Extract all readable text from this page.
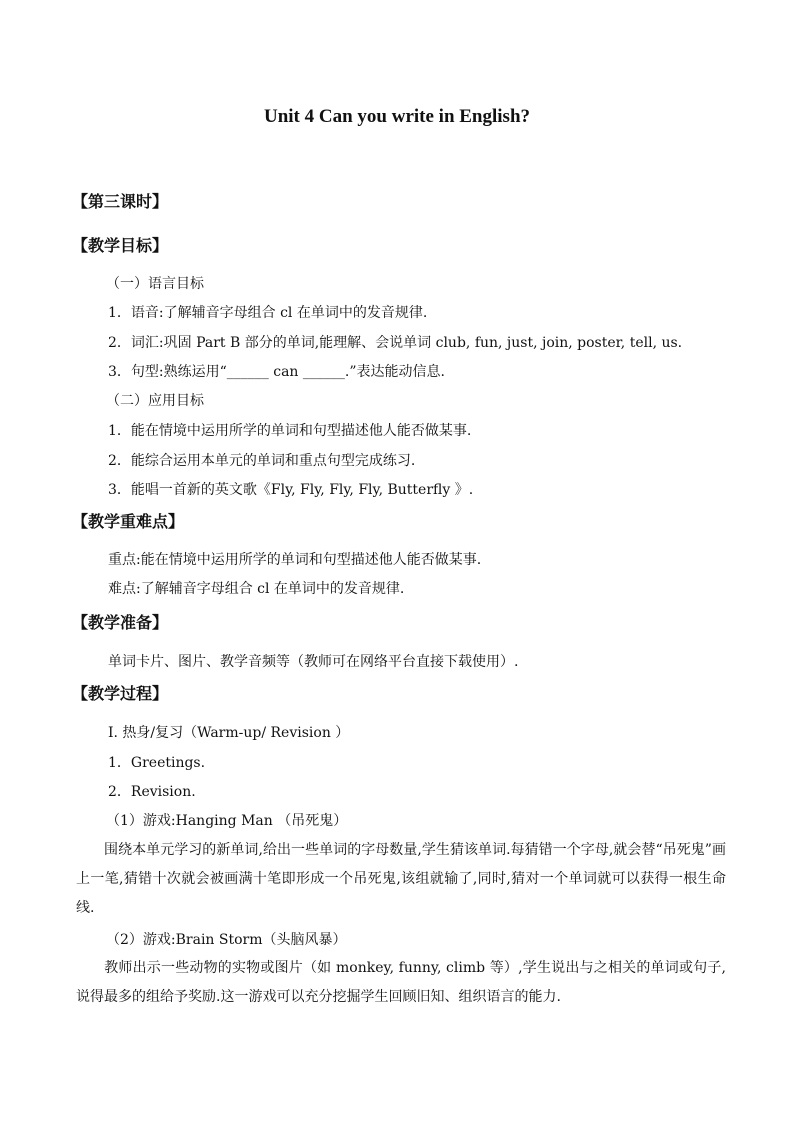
Unit 4 Can you write in English?
【第三课时】
【教学目标】
（一）语言目标
1．语音:了解辅音字母组合 cl 在单词中的发音规律.
2．词汇:巩固 Part B 部分的单词,能理解、会说单词 club, fun, just, join, poster, tell, us.
3．句型:熟练运用“______ can ______.”表达能动信息.
（二）应用目标
1．能在情境中运用所学的单词和句型描述他人能否做某事.
2．能综合运用本单元的单词和重点句型完成练习.
3．能唱一首新的英文歌《Fly, Fly, Fly, Fly, Butterfly 》.
【教学重难点】
重点:能在情境中运用所学的单词和句型描述他人能否做某事.
难点:了解辅音字母组合 cl 在单词中的发音规律.
【教学准备】
单词卡片、图片、教学音频等（教师可在网络平台直接下载使用）.
【教学过程】
I. 热身/复习（Warm-up/ Revision ）
1．Greetings.
2．Revision.
（1）游戏:Hanging Man （吊死鬼）
围绕本单元学习的新单词,给出一些单词的字母数量,学生猜该单词.每猜错一个字母,就会替“吊死鬼”画上一笔,猜错十次就会被画满十笔即形成一个吊死鬼,该组就输了,同时,猜对一个单词就可以获得一根生命线.
（2）游戏:Brain Storm（头脑风暴）
教师出示一些动物的实物或图片（如 monkey, funny, climb 等）,学生说出与之相关的单词或句子,说得最多的组给予奖励.这一游戏可以充分挖掘学生回顾旧知、组织语言的能力.
